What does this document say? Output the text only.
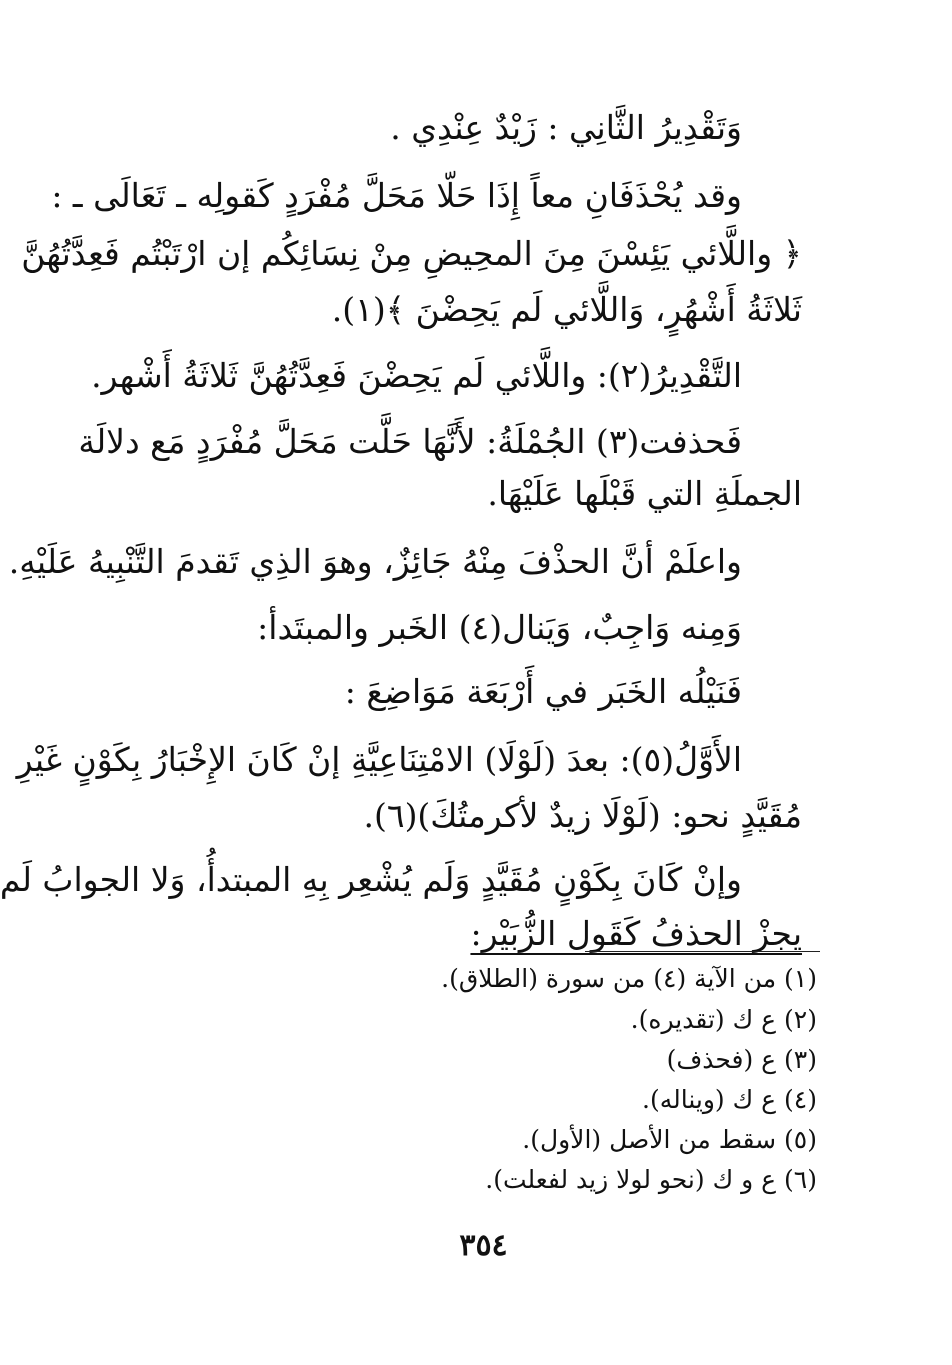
وَتَقْدِيرُ الثَّانِي : زَيْدٌ عِنْدِي .
وقد يُحْذَفَانِ معاً إِذَا حَلّا مَحَلَّ مُفْرَدٍ كَقولِه ـ تَعَالَى ـ :
﴿ واللَّائي يَئِسْنَ مِنَ المحِيضِ مِنْ نِسَائِكُم إن ارْتَبْتُم فَعِدَّتُهُنَّ
ثَلاثَةُ أَشْهُرٍ، وَاللَّائي لَم يَحِضْنَ ﴾(١).
التَّقْدِيرُ(٢): واللَّائي لَم يَحِضْنَ فَعِدَّتُهُنَّ ثَلاثَةُ أَشْهر.
فَحذفت(٣) الجُمْلَةُ: لأَنَّهَا حَلَّت مَحَلَّ مُفْرَدٍ مَع دلالَة
الجملَةِ التي قَبْلَها عَلَيْهَا.
واعلَمْ أنَّ الحذْفَ مِنْهُ جَائِزٌ، وهوَ الذِي تَقدمَ التَّنْبِيهُ عَلَيْهِ.
وَمِنه وَاجِبٌ، وَيَنال(٤) الخَبر والمبتَدأ:
فَنَيْلُه الخَبَر في أَرْبَعَة مَوَاضِعَ :
الأَوَّلُ(٥): بعدَ (لَوْلَا) الامْتِنَاعِيَّةِ إنْ كَانَ الإِخْبَارُ بِكَوْنٍ غَيْرِ
مُقَيَّدٍ نحو: (لَوْلَا زيدٌ لأكرمتُكَ)(٦).
وإنْ كَانَ بِكَوْنٍ مُقَيَّدٍ وَلَم يُشْعِر بِهِ المبتدأُ، وَلا الجوابُ لَم
يجزْ الحذفُ كَقَول الزُّبَيْر:
(١) من الآية (٤) من سورة (الطلاق).
(٢) ع ك (تقديره).
(٣) ع (فحذف)
(٤) ع ك (ويناله).
(٥) سقط من الأصل (الأول).
(٦) ع و ك (نحو لولا زيد لفعلت).
٣٥٤
